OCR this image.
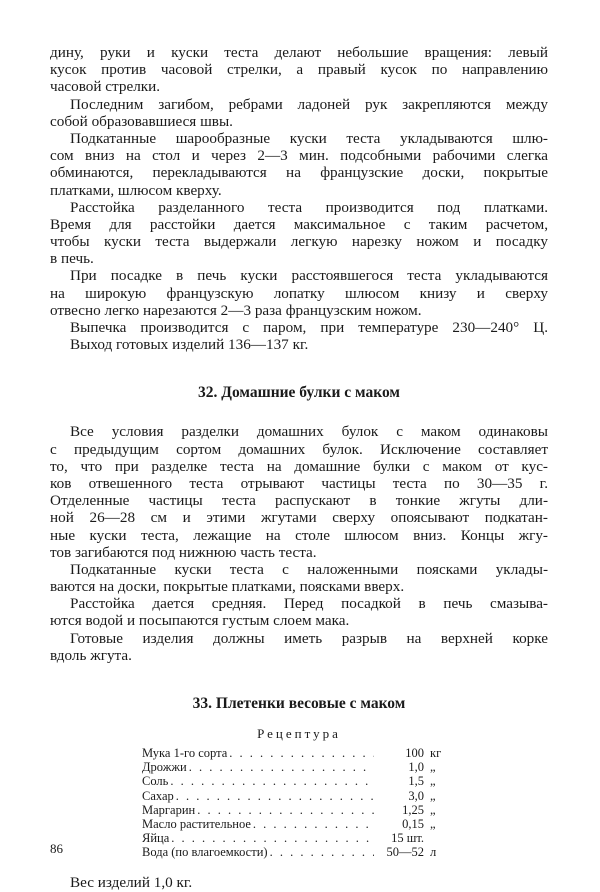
дину, руки и куски теста делают небольшие вращения: левый
кусок против часовой стрелки, а правый кусок по направлению
часовой стрелки.
Последним загибом, ребрами ладоней рук закрепляются между
собой образовавшиеся швы.
Подкатанные шарообразные куски теста укладываются шлю-
сом вниз на стол и через 2—3 мин. подсобными рабочими слегка
обминаются, перекладываются на французские доски, покрытые
платками, шлюсом кверху.
Расстойка разделанного теста производится под платками.
Время для расстойки дается максимальное с таким расчетом,
чтобы куски теста выдержали легкую нарезку ножом и посадку
в печь.
При посадке в печь куски расстоявшегося теста укладываются
на широкую французскую лопатку шлюсом книзу и сверху
отвесно легко нарезаются 2—3 раза французским ножом.
Выпечка производится с паром, при температуре 230—240° Ц.
Выход готовых изделий 136—137 кг.
32. Домашние булки с маком
Все условия разделки домашних булок с маком одинаковы
с предыдущим сортом домашних булок. Исключение составляет
то, что при разделке теста на домашние булки с маком от кус-
ков отвешенного теста отрывают частицы теста по 30—35 г.
Отделенные частицы теста распускают в тонкие жгуты дли-
ной 26—28 см и этими жгутами сверху опоясывают подкатан-
ные куски теста, лежащие на столе шлюсом вниз. Концы жгу-
тов загибаются под нижнюю часть теста.
Подкатанные куски теста с наложенными поясками уклады-
ваются на доски, покрытые платками, поясками вверх.
Расстойка дается средняя. Перед посадкой в печь смазыва-
ются водой и посыпаются густым слоем мака.
Готовые изделия должны иметь разрыв на верхней корке
вдоль жгута.
33. Плетенки весовые с маком
Рецептура
Мука 1-го сорта . . .	100 кг
Дрожжи . . .	1,0 „
Соль . . .	1,5 „
Сахар . . .	3,0 „
Маргарин . . .	1,25 „
Масло растительное . . .	0,15 „
Яйца . . .	15 шт.
Вода (по влагоемкости) . . .	50—52 л
Вес изделий 1,0 кг.
86
